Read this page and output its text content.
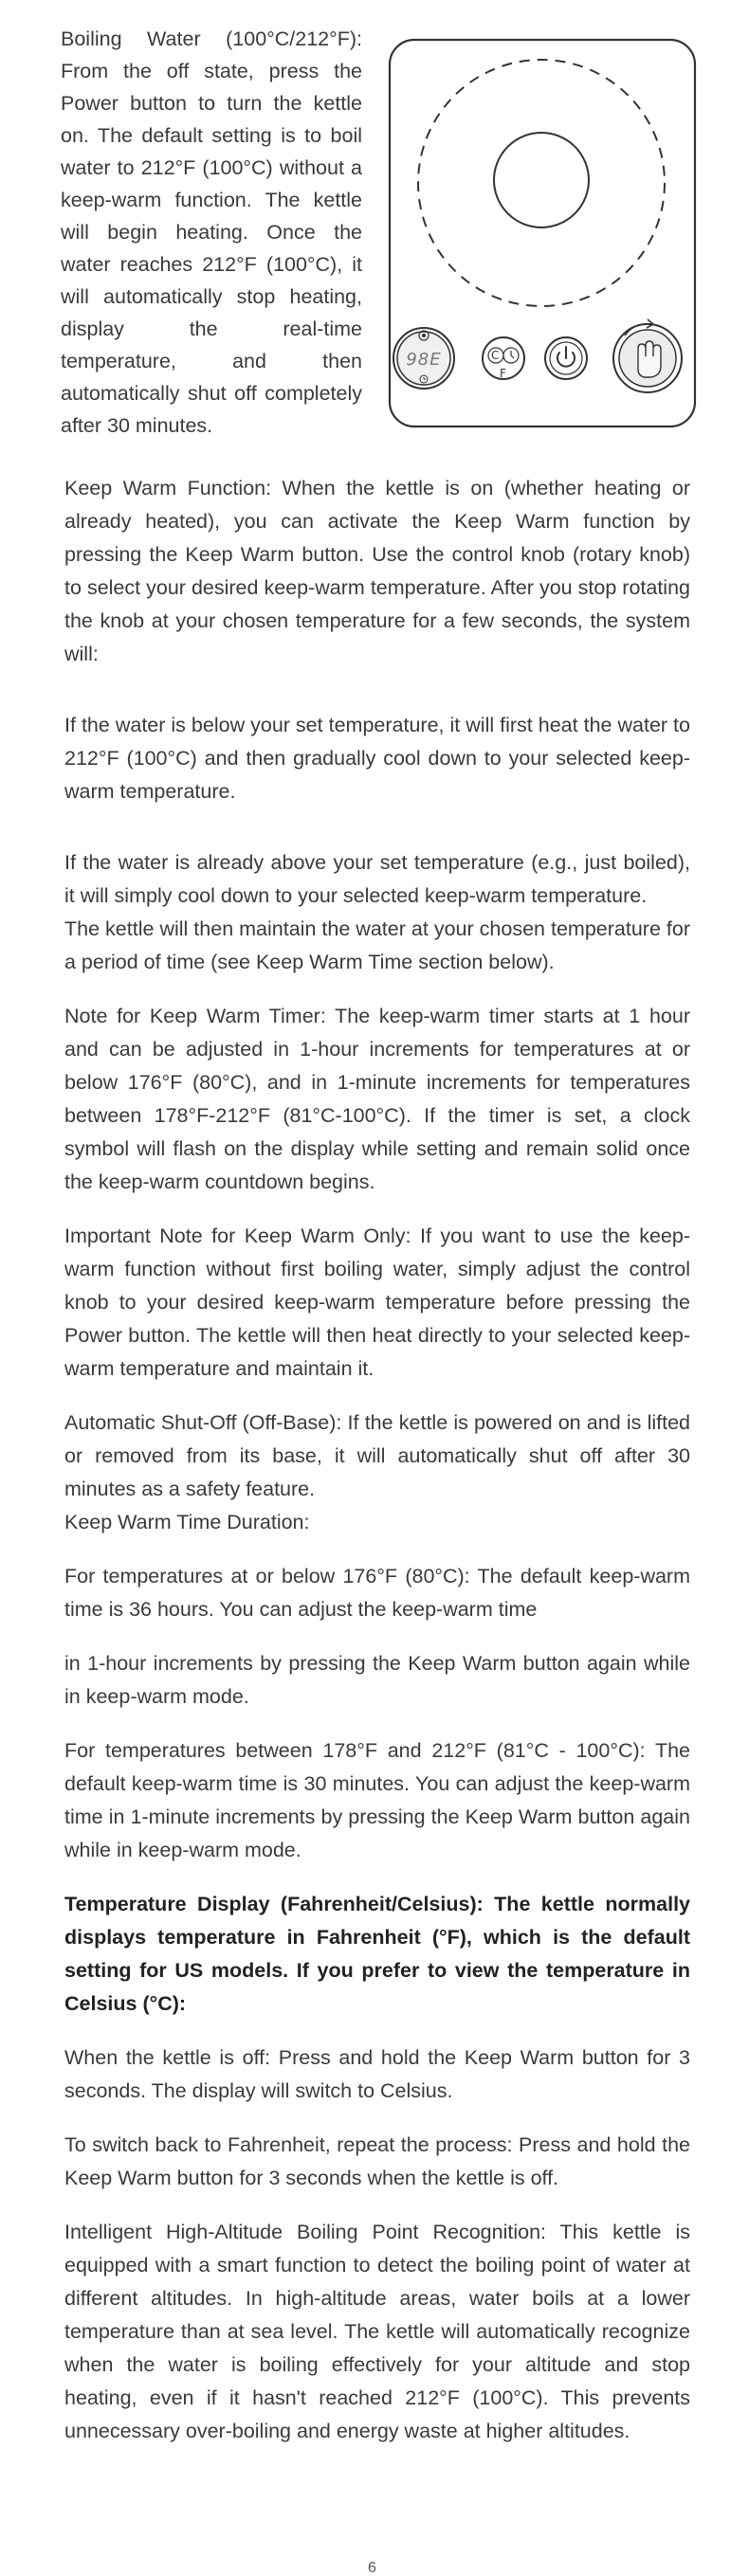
Boiling Water (100°C/212°F): From the off state, press the Power button to turn the kettle on. The default setting is to boil water to 212°F (100°C) without a keep-warm function. The kettle will begin heating. Once the water reaches 212°F (100°C), it will automatically stop heating, display the real-time temperature, and then automatically shut off completely after 30 minutes.

98E	C
F

Keep Warm Function: When the kettle is on (whether heating or already heated), you can activate the Keep Warm function by pressing the Keep Warm button. Use the control knob (rotary knob) to select your desired keep-warm temperature. After you stop rotating the knob at your chosen temperature for a few seconds, the system will:

If the water is below your set temperature, it will first heat the water to 212°F (100°C) and then gradually cool down to your selected keep-warm temperature.

If the water is already above your set temperature (e.g., just boiled), it will simply cool down to your selected keep-warm temperature.

The kettle will then maintain the water at your chosen temperature for a period of time (see Keep Warm Time section below).

Note for Keep Warm Timer: The keep-warm timer starts at 1 hour and can be adjusted in 1-hour increments for temperatures at or below 176°F (80°C), and in 1-minute increments for temperatures between 178°F-212°F (81°C-100°C). If the timer is set, a clock symbol will flash on the display while setting and remain solid once the keep-warm countdown begins.

Important Note for Keep Warm Only: If you want to use the keep-warm function without first boiling water, simply adjust the control knob to your desired keep-warm temperature before pressing the Power button. The kettle will then heat directly to your selected keep-warm temperature and maintain it.

Automatic Shut-Off (Off-Base): If the kettle is powered on and is lifted or removed from its base, it will automatically shut off after 30 minutes as a safety feature.

Keep Warm Time Duration:

For temperatures at or below 176°F (80°C): The default keep-warm time is 36 hours. You can adjust the keep-warm time

in 1-hour increments by pressing the Keep Warm button again while in keep-warm mode.

For temperatures between 178°F and 212°F (81°C - 100°C): The default keep-warm time is 30 minutes. You can adjust the keep-warm time in 1-minute increments by pressing the Keep Warm button again while in keep-warm mode.

Temperature Display (Fahrenheit/Celsius): The kettle normally displays temperature in Fahrenheit (°F), which is the default setting for US models. If you prefer to view the temperature in Celsius (°C):

When the kettle is off: Press and hold the Keep Warm button for 3 seconds. The display will switch to Celsius.

To switch back to Fahrenheit, repeat the process: Press and hold the Keep Warm button for 3 seconds when the kettle is off.

Intelligent High-Altitude Boiling Point Recognition: This kettle is equipped with a smart function to detect the boiling point of water at different altitudes. In high-altitude areas, water boils at a lower temperature than at sea level. The kettle will automatically recognize when the water is boiling effectively for your altitude and stop heating, even if it hasn't reached 212°F (100°C). This prevents unnecessary over-boiling and energy waste at higher altitudes.

6
